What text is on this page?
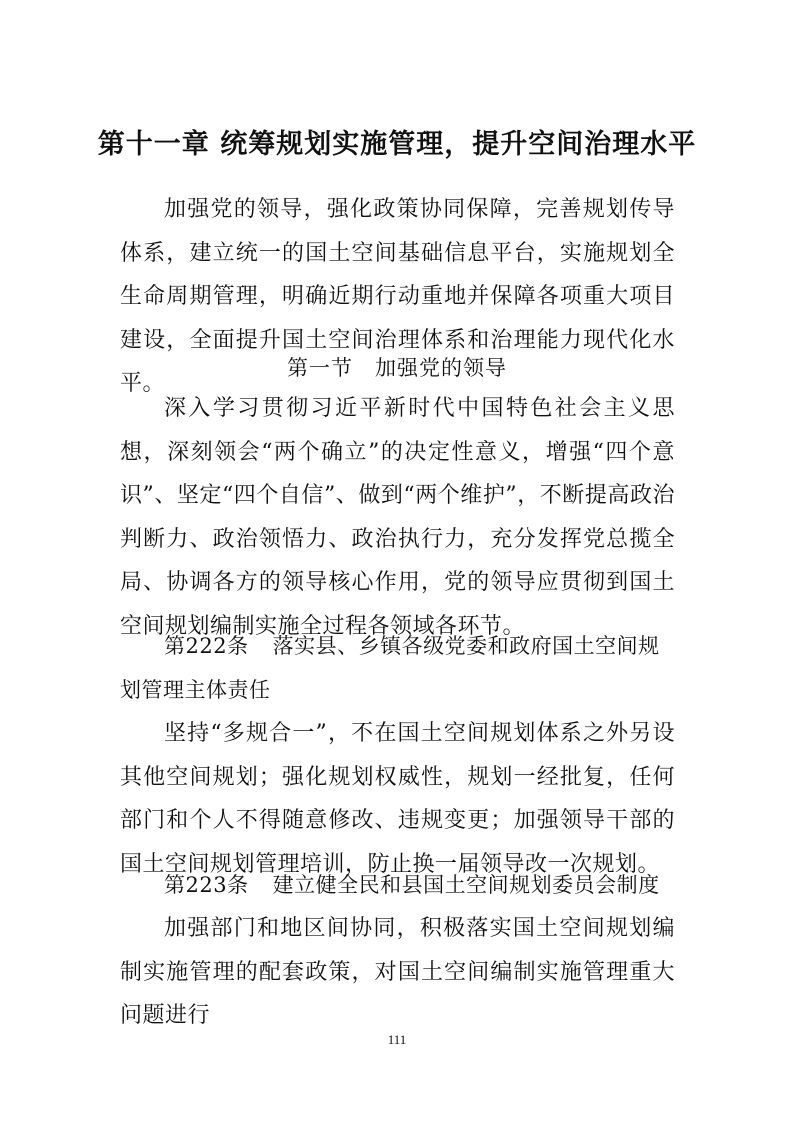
第十一章 统筹规划实施管理，提升空间治理水平
加强党的领导，强化政策协同保障，完善规划传导体系，建立统一的国土空间基础信息平台，实施规划全生命周期管理，明确近期行动重地并保障各项重大项目建设，全面提升国土空间治理体系和治理能力现代化水平。
第一节　加强党的领导
深入学习贯彻习近平新时代中国特色社会主义思想，深刻领会“两个确立”的决定性意义，增强“四个意识”、坚定“四个自信”、做到“两个维护”，不断提高政治判断力、政治领悟力、政治执行力，充分发挥党总揽全局、协调各方的领导核心作用，党的领导应贯彻到国土空间规划编制实施全过程各领域各环节。
第222条 落实县、乡镇各级党委和政府国土空间规划管理主体责任
坚持“多规合一”，不在国土空间规划体系之外另设其他空间规划；强化规划权威性，规划一经批复，任何部门和个人不得随意修改、违规变更；加强领导干部的国土空间规划管理培训，防止换一届领导改一次规划。
第223条 建立健全民和县国土空间规划委员会制度
加强部门和地区间协同，积极落实国土空间规划编制实施管理的配套政策，对国土空间编制实施管理重大问题进行
111
